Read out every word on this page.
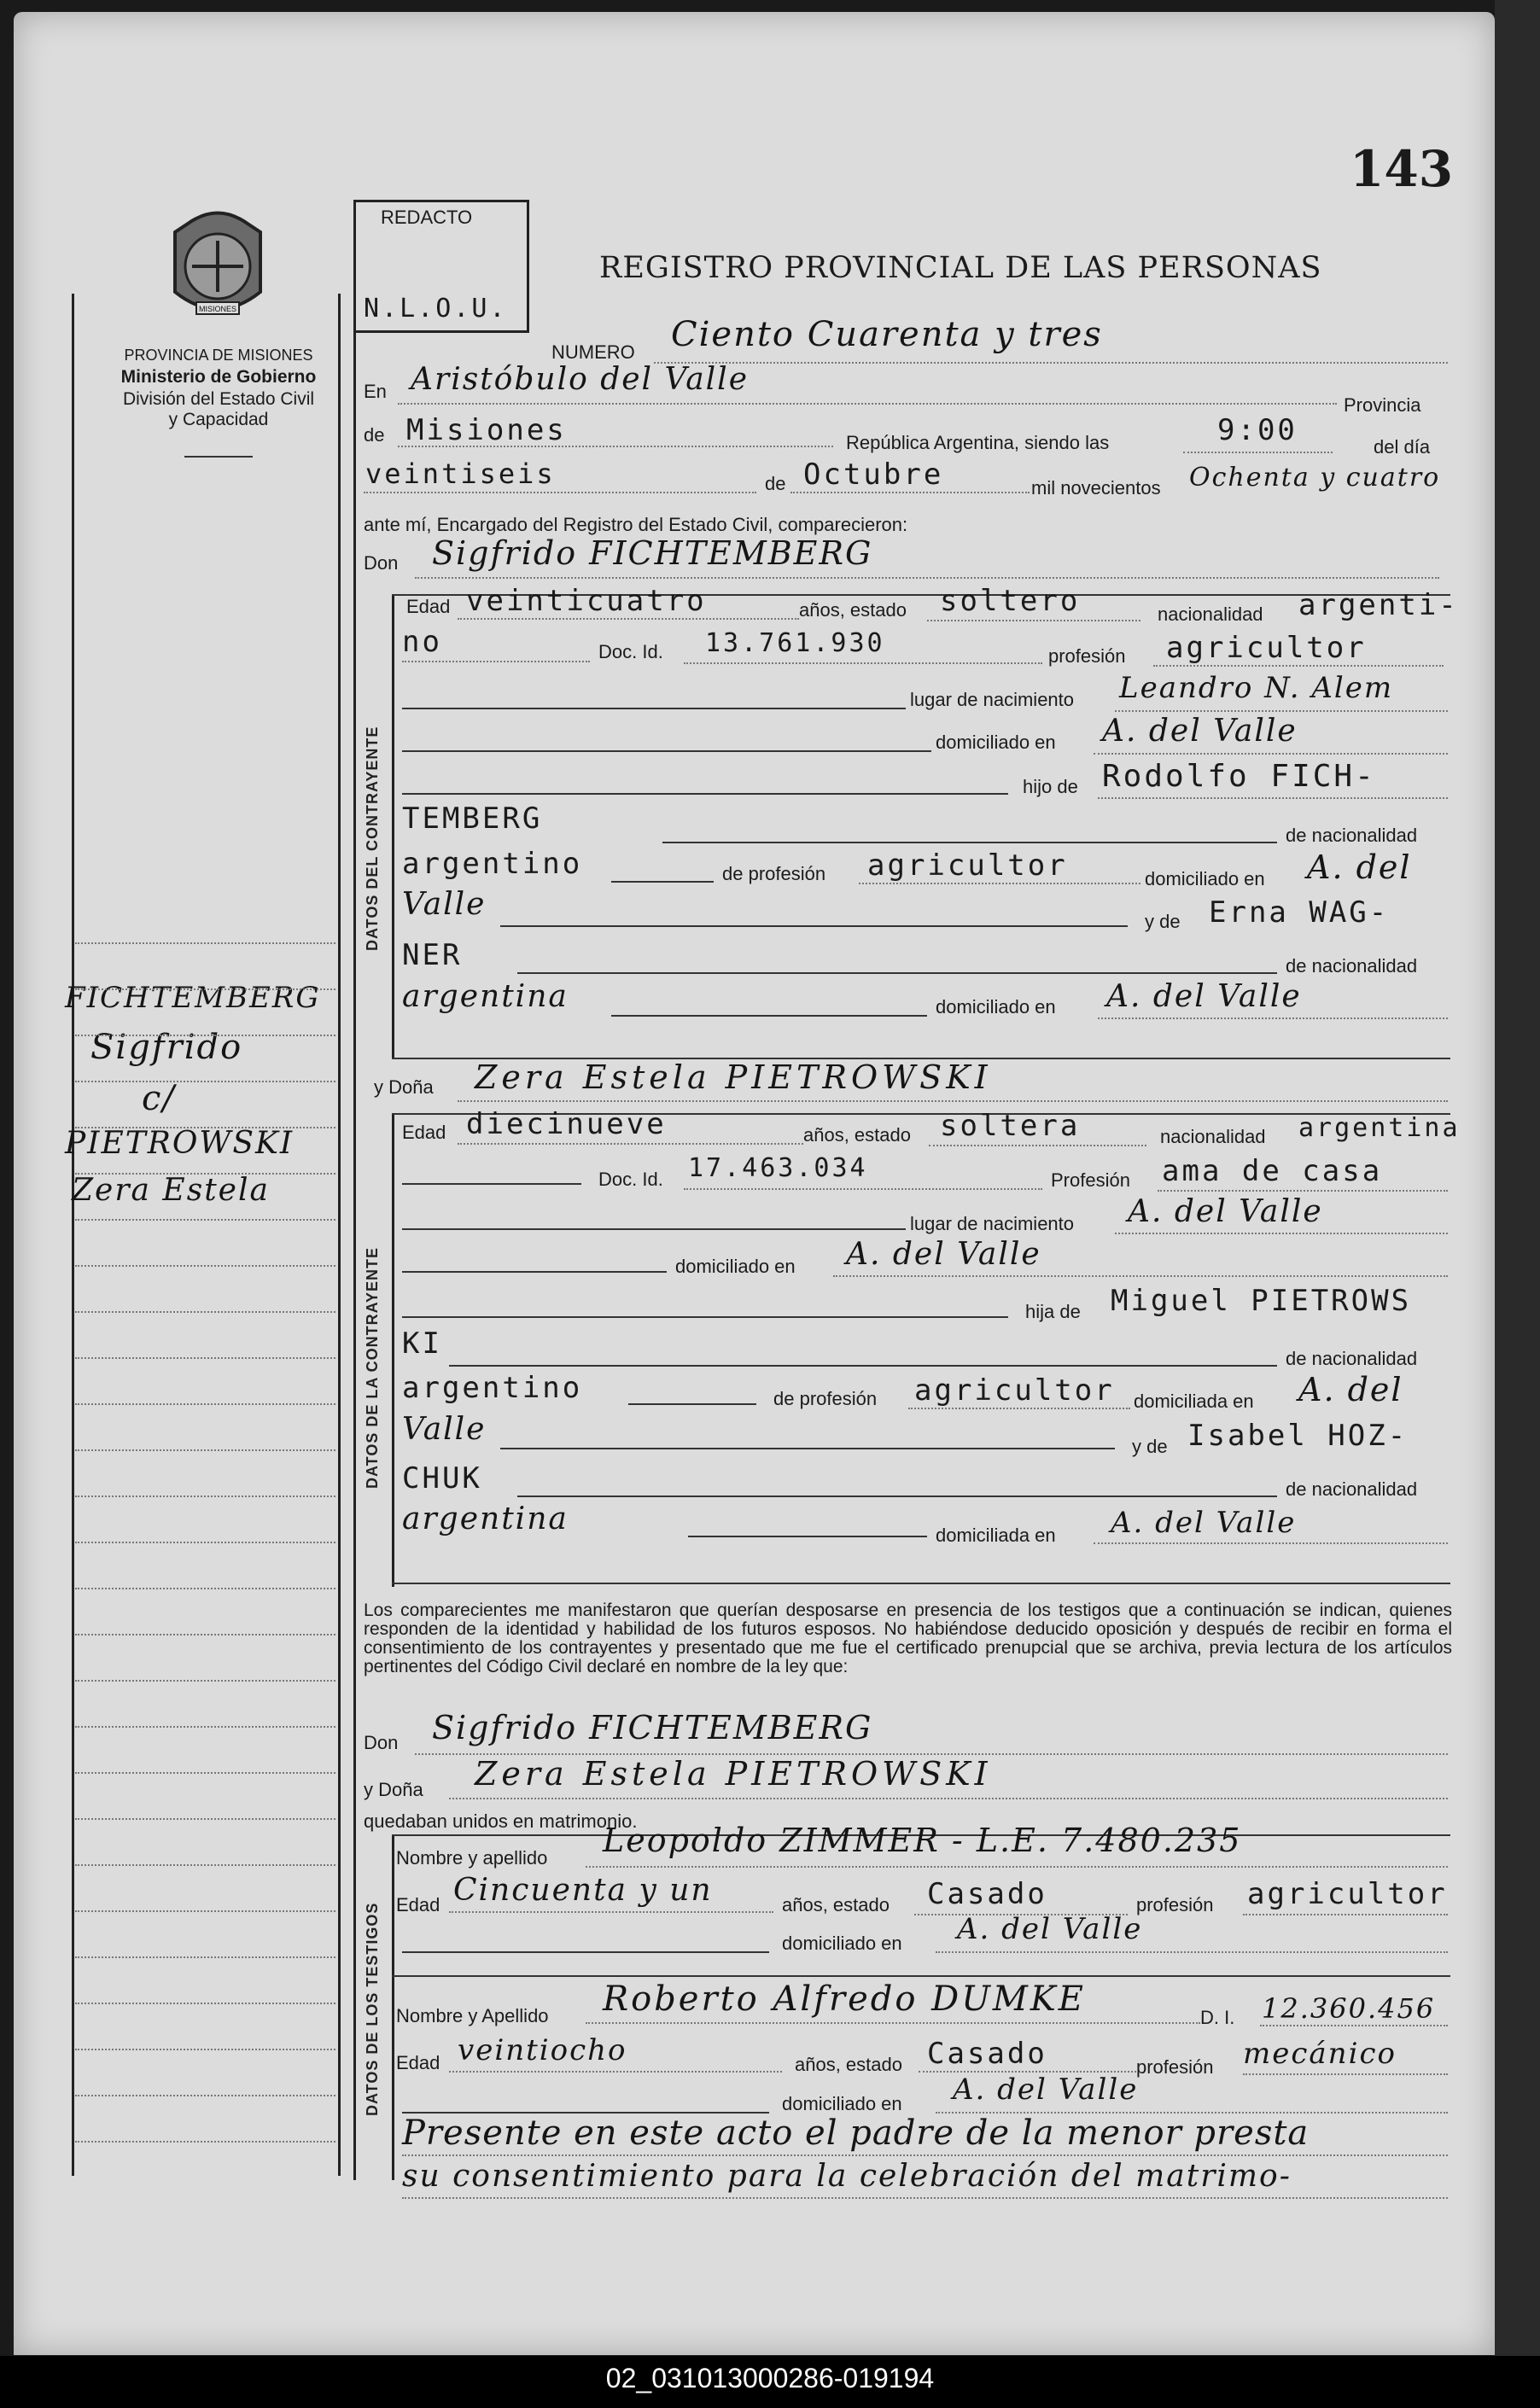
143
MISIONES
PROVINCIA DE MISIONES
Ministerio de Gobierno
División del Estado Civil
y Capacidad
REDACTO
N.L.O.U.
REGISTRO PROVINCIAL DE LAS PERSONAS
FICHTEMBERG
Sigfrido
c/
PIETROWSKI
Zera Estela
NUMERO Ciento Cuarenta y tres
En Aristóbulo del Valle
Provincia
de Misiones	República Argentina, siendo las	9:00	del día
veintiseis	de Octubre	mil novecientos Ochenta y cuatro
ante mí, Encargado del Registro del Estado Civil, comparecieron:
Don Sigfrido FICHTEMBERG
DATOS DEL CONTRAYENTE
Edad veinticuatro	años, estado soltero	nacionalidad argenti-
no	Doc. Id. 13.761.930	profesión agricultor
lugar de nacimiento Leandro N. Alem
domiciliado en A. del Valle
hijo de Rodolfo FICH-
TEMBERG	de nacionalidad
argentino	de profesión agricultor	domiciliado en A. del
Valle	y de Erna WAG-
NER	de nacionalidad
argentina	domiciliado en A. del Valle
y Doña Zera Estela PIETROWSKI
DATOS DE LA CONTRAYENTE
Edad diecinueve	años, estado soltera	nacionalidad argentina
Doc. Id. 17.463.034	Profesión ama de casa
lugar de nacimiento A. del Valle
domiciliado en A. del Valle
hija de Miguel PIETROWS
KI	de nacionalidad
argentino	de profesión agricultor domiciliada en A. del
Valle	y de Isabel HOZ-
CHUK	de nacionalidad
argentina	domiciliada en A. del Valle
Los comparecientes me manifestaron que querían desposarse en presencia de los testigos que a continuación se indican, quienes responden de la identidad y habilidad de los futuros esposos. No habiéndose deducido oposición y después de recibir en forma el consentimiento de los contrayentes y presentado que me fue el certificado prenupcial que se archiva, previa lectura de los artículos pertinentes del Código Civil declaré en nombre de la ley que:
Don Sigfrido FICHTEMBERG
y Doña Zera Estela PIETROWSKI
quedaban unidos en matrimonio.
DATOS DE LOS TESTIGOS
Nombre y apellido Leopoldo ZIMMER - L.E. 7.480.235
Edad Cincuenta y un	años, estado Casado	profesión agricultor
domiciliado en A. del Valle
Nombre y Apellido Roberto Alfredo DUMKE	D. I. 12.360.456
Edad veintiocho	años, estado Casado	profesión mecánico
domiciliado en A. del Valle
Presente en este acto el padre de la menor presta
su consentimiento para la celebración del matrimo-
02_031013000286-019194
